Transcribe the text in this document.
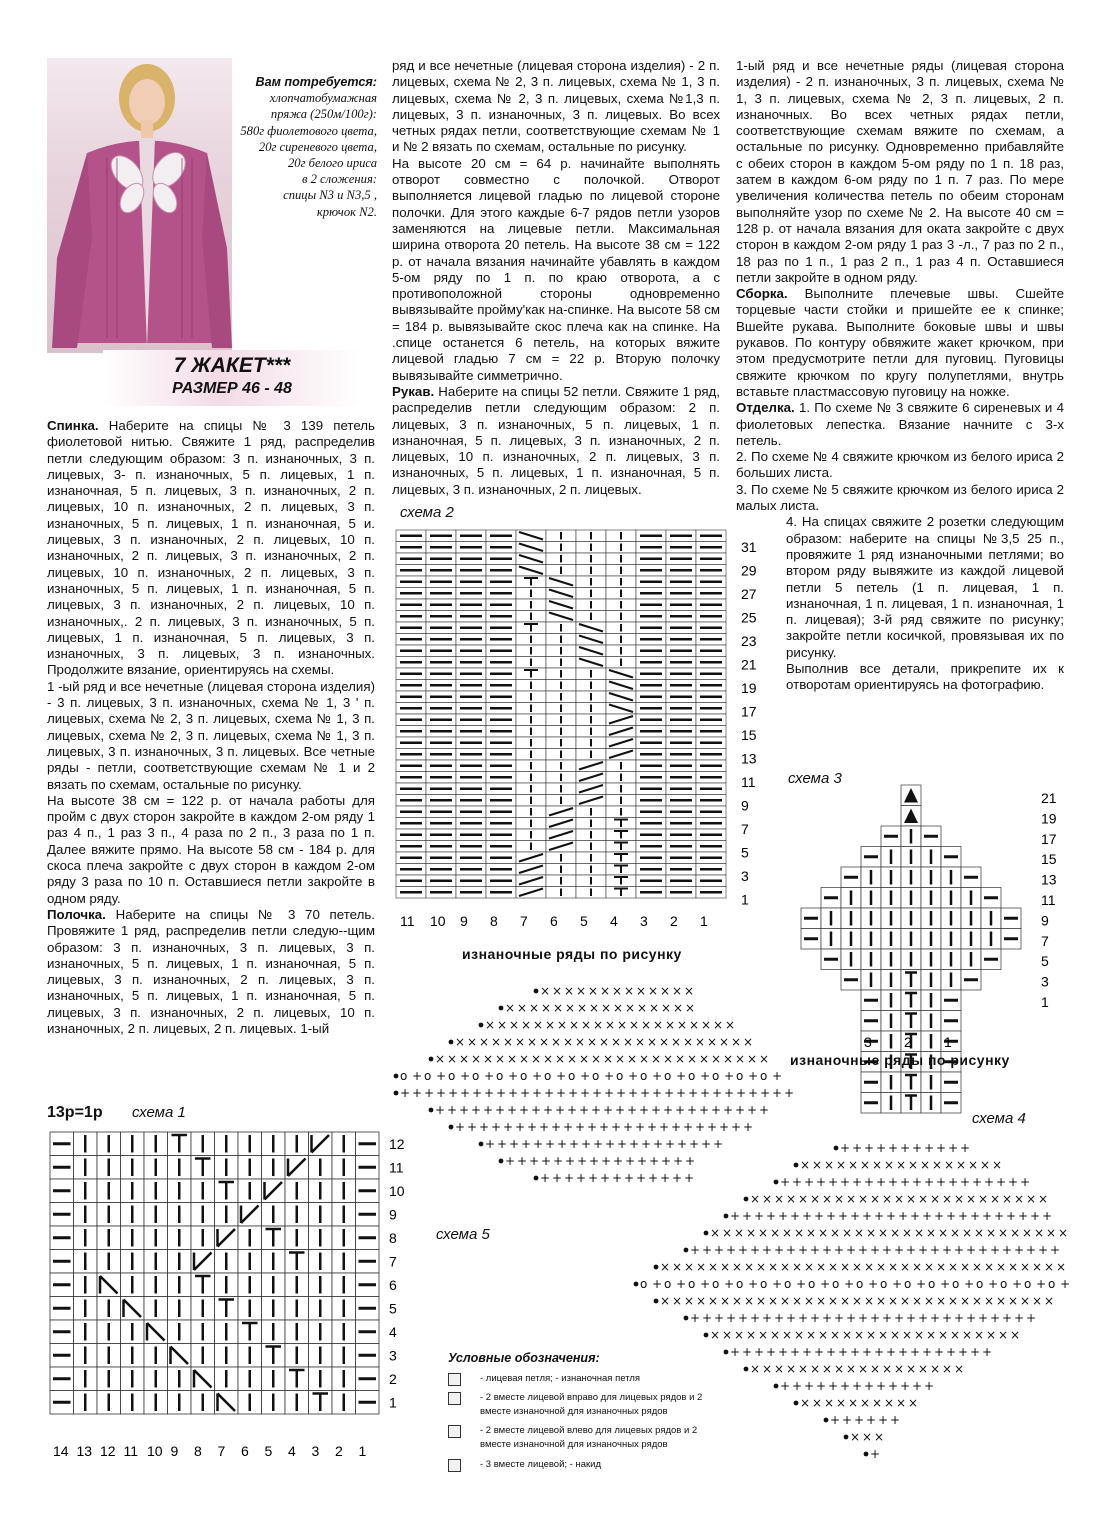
Вам потребуется:
хлопчатобумажная
пряжа (250м/100г):
580г фиолетового цвета,
20г сиреневого цвета,
20г белого ириса
в 2 сложения:
спицы N3 и N3,5 ,
крючок N2.
7 ЖАКЕТ***
РАЗМЕР 46 - 48

Спинка. Наберите на спицы № 3 139 петель фиолетовой нитью. Свяжите 1 ряд, распределив петли следующим образом: 3 п. изнаночных, 3 п. лицевых, 3- п. изнаночных, 5 п. лицевых, 1 п. изнаночная, 5 п. лицевых, 3 п. изнаночных, 2 п. лицевых, 10 п. изнаночных, 2 п. лицевых, 3 п. изнаночных, 5 п. лицевых, 1 п. изнаночная, 5 и. лицевых, 3 п. изнаночных, 2 п. лицевых, 10 п. изнаночных, 2 п. лицевых, 3 п. изнаночных, 2 п. лицевых, 10 п. изнаночных, 2 п. лицевых, 3 п. изнаночных, 5 п. лицевых, 1 п. изнаночная, 5 п. лицевых, 3 п. изнаночных, 2 п. лицевых, 10 п. изнаночных,. 2 п. лицевых, 3 п. изнаночных, 5 п. лицевых, 1 п. изнаночная, 5 п. лицевых, 3 п. изнаночных, 3 п. лицевых, 3 п. изнаночных. Продолжите вязание, ориентируясь на схемы.

1 -ый ряд и все нечетные (лицевая сторона изделия) - 3 п. лицевых, 3 п. изнаночных, схема № 1, 3 ' п. лицевых, схема № 2, 3 п. лицевых, схема № 1, 3 п. лицевых, схема № 2, 3 п. лицевых, схема № 1, 3 п. лицевых, 3 п. изнаночных, 3 п. лицевых. Все четные ряды - петли, соответствующие схемам № 1 и 2 вязать по схемам, остальные по рисунку.

На высоте 38 см = 122 р. от начала работы для пройм с двух сторон закройте в каждом 2-ом ряду 1 раз 4 п., 1 раз 3 п., 4 раза по 2 п., 3 раза по 1 п. Далее вяжите прямо. На высоте 58 см - 184 р. для скоса плеча закройте с двух сторон в каждом 2-ом ряду 3 раза по 10 п. Оставшиеся петли закройте в одном ряду.

Полочка. Наберите на спицы № 3 70 петель. Провяжите 1 ряд, распределив петли следую--щим образом: 3 п. изнаночных, 3 п. лицевых, 3 п. изнаночных, 5 п. лицевых, 1 п. изнаночная, 5 п. лицевых, 3 п. изнаночных, 2 п. лицевых, 3 п. изнаночных, 5 п. лицевых, 1 п. изнаночная, 5 п. лицевых, 3 п. изнаночных, 2 п. лицевых, 10 п. изнаночных, 2 п. лицевых, 2 п. лицевых. 1-ый

ряд и все нечетные (лицевая сторона изделия) - 2 п. лицевых, схема № 2, 3 п. лицевых, схема № 1, 3 п. лицевых, схема № 2, 3 п. лицевых, схема №1,3 п. лицевых, 3 п. изнаночных, 3 п. лицевых. Во всех четных рядах петли, соответствующие схемам № 1 и № 2 вязать по схемам, остальные по рисунку.

На высоте 20 см = 64 р. начинайте выполнять отворот совместно с полочкой. Отворот выполняется лицевой гладью по лицевой стороне полочки. Для этого каждые 6-7 рядов петли узоров заменяются на лицевые петли. Максимальная ширина отворота 20 петель. На высоте 38 см = 122 р. от начала вязания начинайте убавлять в каждом 5-ом ряду по 1 п. по краю отворота, а с противоположной стороны одновременно вывязывайте пройму'как на-спинке. На высоте 58 см = 184 р. вывязывайте скос плеча как на спинке. На .спице останется 6 петель, на которых вяжите лицевой гладью 7 см = 22 р. Вторую полочку вывязывайте симметрично.

Рукав. Наберите на спицы 52 петли. Свяжите 1 ряд, распределив петли следующим образом: 2 п. лицевых, 3 п. изнаночных, 5 п. лицевых, 1 п. изнаночная, 5 п. лицевых, 3 п. изнаночных, 2 п. лицевых, 10 п. изнаночных, 2 п. лицевых, 3 п. изнаночных, 5 п. лицевых, 1 п. изнаночная, 5 п. лицевых, 3 п. изнаночных, 2 п. лицевых.

1-ый ряд и все нечетные ряды (лицевая сторона изделия) - 2 п. изнаночных, 3 п. лицевых, схема № 1, 3 п. лицевых, схема № 2, 3 п. лицевых, 2 п. изнаночных. Во всех четных рядах петли, соответствующие схемам вяжите по схемам, а остальные по рисунку. Одновременно прибавляйте с обеих сторон в каждом 5-ом ряду по 1 п. 18 раз, затем в каждом 6-ом ряду по 1 п. 7 раз. По мере увеличения количества петель по обеим сторонам выполняйте узор по схеме № 2. На высоте 40 см = 128 р. от начала вязания для оката закройте с двух сторон в каждом 2-ом ряду 1 раз 3 -л., 7 раз по 2 п., 18 раз по 1 п., 1 раз 2 п., 1 раз 4 п. Оставшиеся петли закройте в одном ряду.

Сборка. Выполните плечевые швы. Сшейте торцевые части стойки и пришейте ее к спинке; Вшейте рукава. Выполните боковые швы и швы рукавов. По контуру обвяжите жакет крючком, при этом предусмотрите петли для пуговиц. Пуговицы свяжите крючком по кругу полупетлями, внутрь вставьте пластмассовую пуговицу на ножке.

Отделка. 1. По схеме № 3 свяжите 6 сиреневых и 4 фиолетовых лепестка. Вязание начните с 3-х петель.

2. По схеме № 4 свяжите крючком из белого ириса 2 больших листа.

3. По схеме № 5 свяжите крючком из белого ириса 2 малых листа.

4. На спицах свяжите 2 розетки следующим образом: наберите на спицы №3,5 25 п., провяжите 1 ряд изнаночными петлями; во втором ряду вывяжите из каждой лицевой петли 5 петель (1 п. лицевая, 1 п. изнаночная, 1 п. лицевая, 1 п. изнаночная, 1 п. лицевая); 3-й ряд свяжите по рисунку; закройте петли косичкой, провязывая их по рисунку.

Выполнив все детали, прикрепите их к отворотам ориентируясь на фотографию.

схема 2
31
29
27
25
23
21
19
17
15
13
11
9
7
5
3
1
11 10 9 8 7 6 5 4 3 2 1
изнаночные ряды по рисунку
схема 3
21
19
17
15
13
11
9
7
5
3
1
3 2 1
изнаночные ряды по рисунку
13р=1р схема 1
12
11
10
9
8
7
6
5
4
3
2
1
14 13 12 11 10 9 8 7 6 5 4 3 2 1
схема 5
× × × × × × × × × × × × ×
× × × × × × × × × × × × × × × ×
× × × × × × × × × × × × × × × × × × × × ×
× × × × × × × × × × × × × × × × × × × × × × × × ×
× × × × × × × × × × × × × × × × × × × × × × × × × × × ×
o + o + o + o + o + o + o + o + o + o + o + o + o + o + o + o +
+ + + + + + + + + + + + + + + + + + + + + + + + + + + + + + + + +
+ + + + + + + + + + + + + + + + + + + + + + + + + + + +
+ + + + + + + + + + + + + + + + + + + + + + + + +
+ + + + + + + + + + + + + + + + + + + +
+ + + + + + + + + + + + + + + +
+ + + + + + + + + + + + +
схема 4
+ + + + + + + + + + +
× × × × × × × × × × × × × × × × ×
+ + + + + + + + + + + + + + + + + + + + +
× × × × × × × × × × × × × × × × × × × × × × × × ×
+ + + + + + + + + + + + + + + + + + + + + + + + + + +
× × × × × × × × × × × × × × × × × × × × × × × × × × × × × ×
+ + + + + + + + + + + + + + + + + + + + + + + + + + + + + + +
× × × × × × × × × × × × × × × × × × × × × × × × × × × × × × × × × ×
o + o + o + o + o + o + o + o + o + o + o + o + o + o + o + o + o + o +
× × × × × × × × × × × × × × × × × × × × × × × × × × × × × × × × ×
+ + + + + + + + + + + + + + + + + + + + + + + + + + + + +
× × × × × × × × × × × × × × × × × × × × × × × × × ×
+ + + + + + + + + + + + + + + + + + + + + +
× × × × × × × × × × × × × × × × × ×
+ + + + + + + + + + + + +
× × × × × × × × × ×
+ + + + + +
× × ×
+
Условные обозначения:
- лицевая петля; - изнаночная петля
- 2 вместе лицевой вправо для лицевых рядов и 2 вместе изнаночной для изнаночных рядов
- 2 вместе лицевой влево для лицевых рядов и 2 вместе изнаночной для изнаночных рядов
- 3 вместе лицевой; - накид
